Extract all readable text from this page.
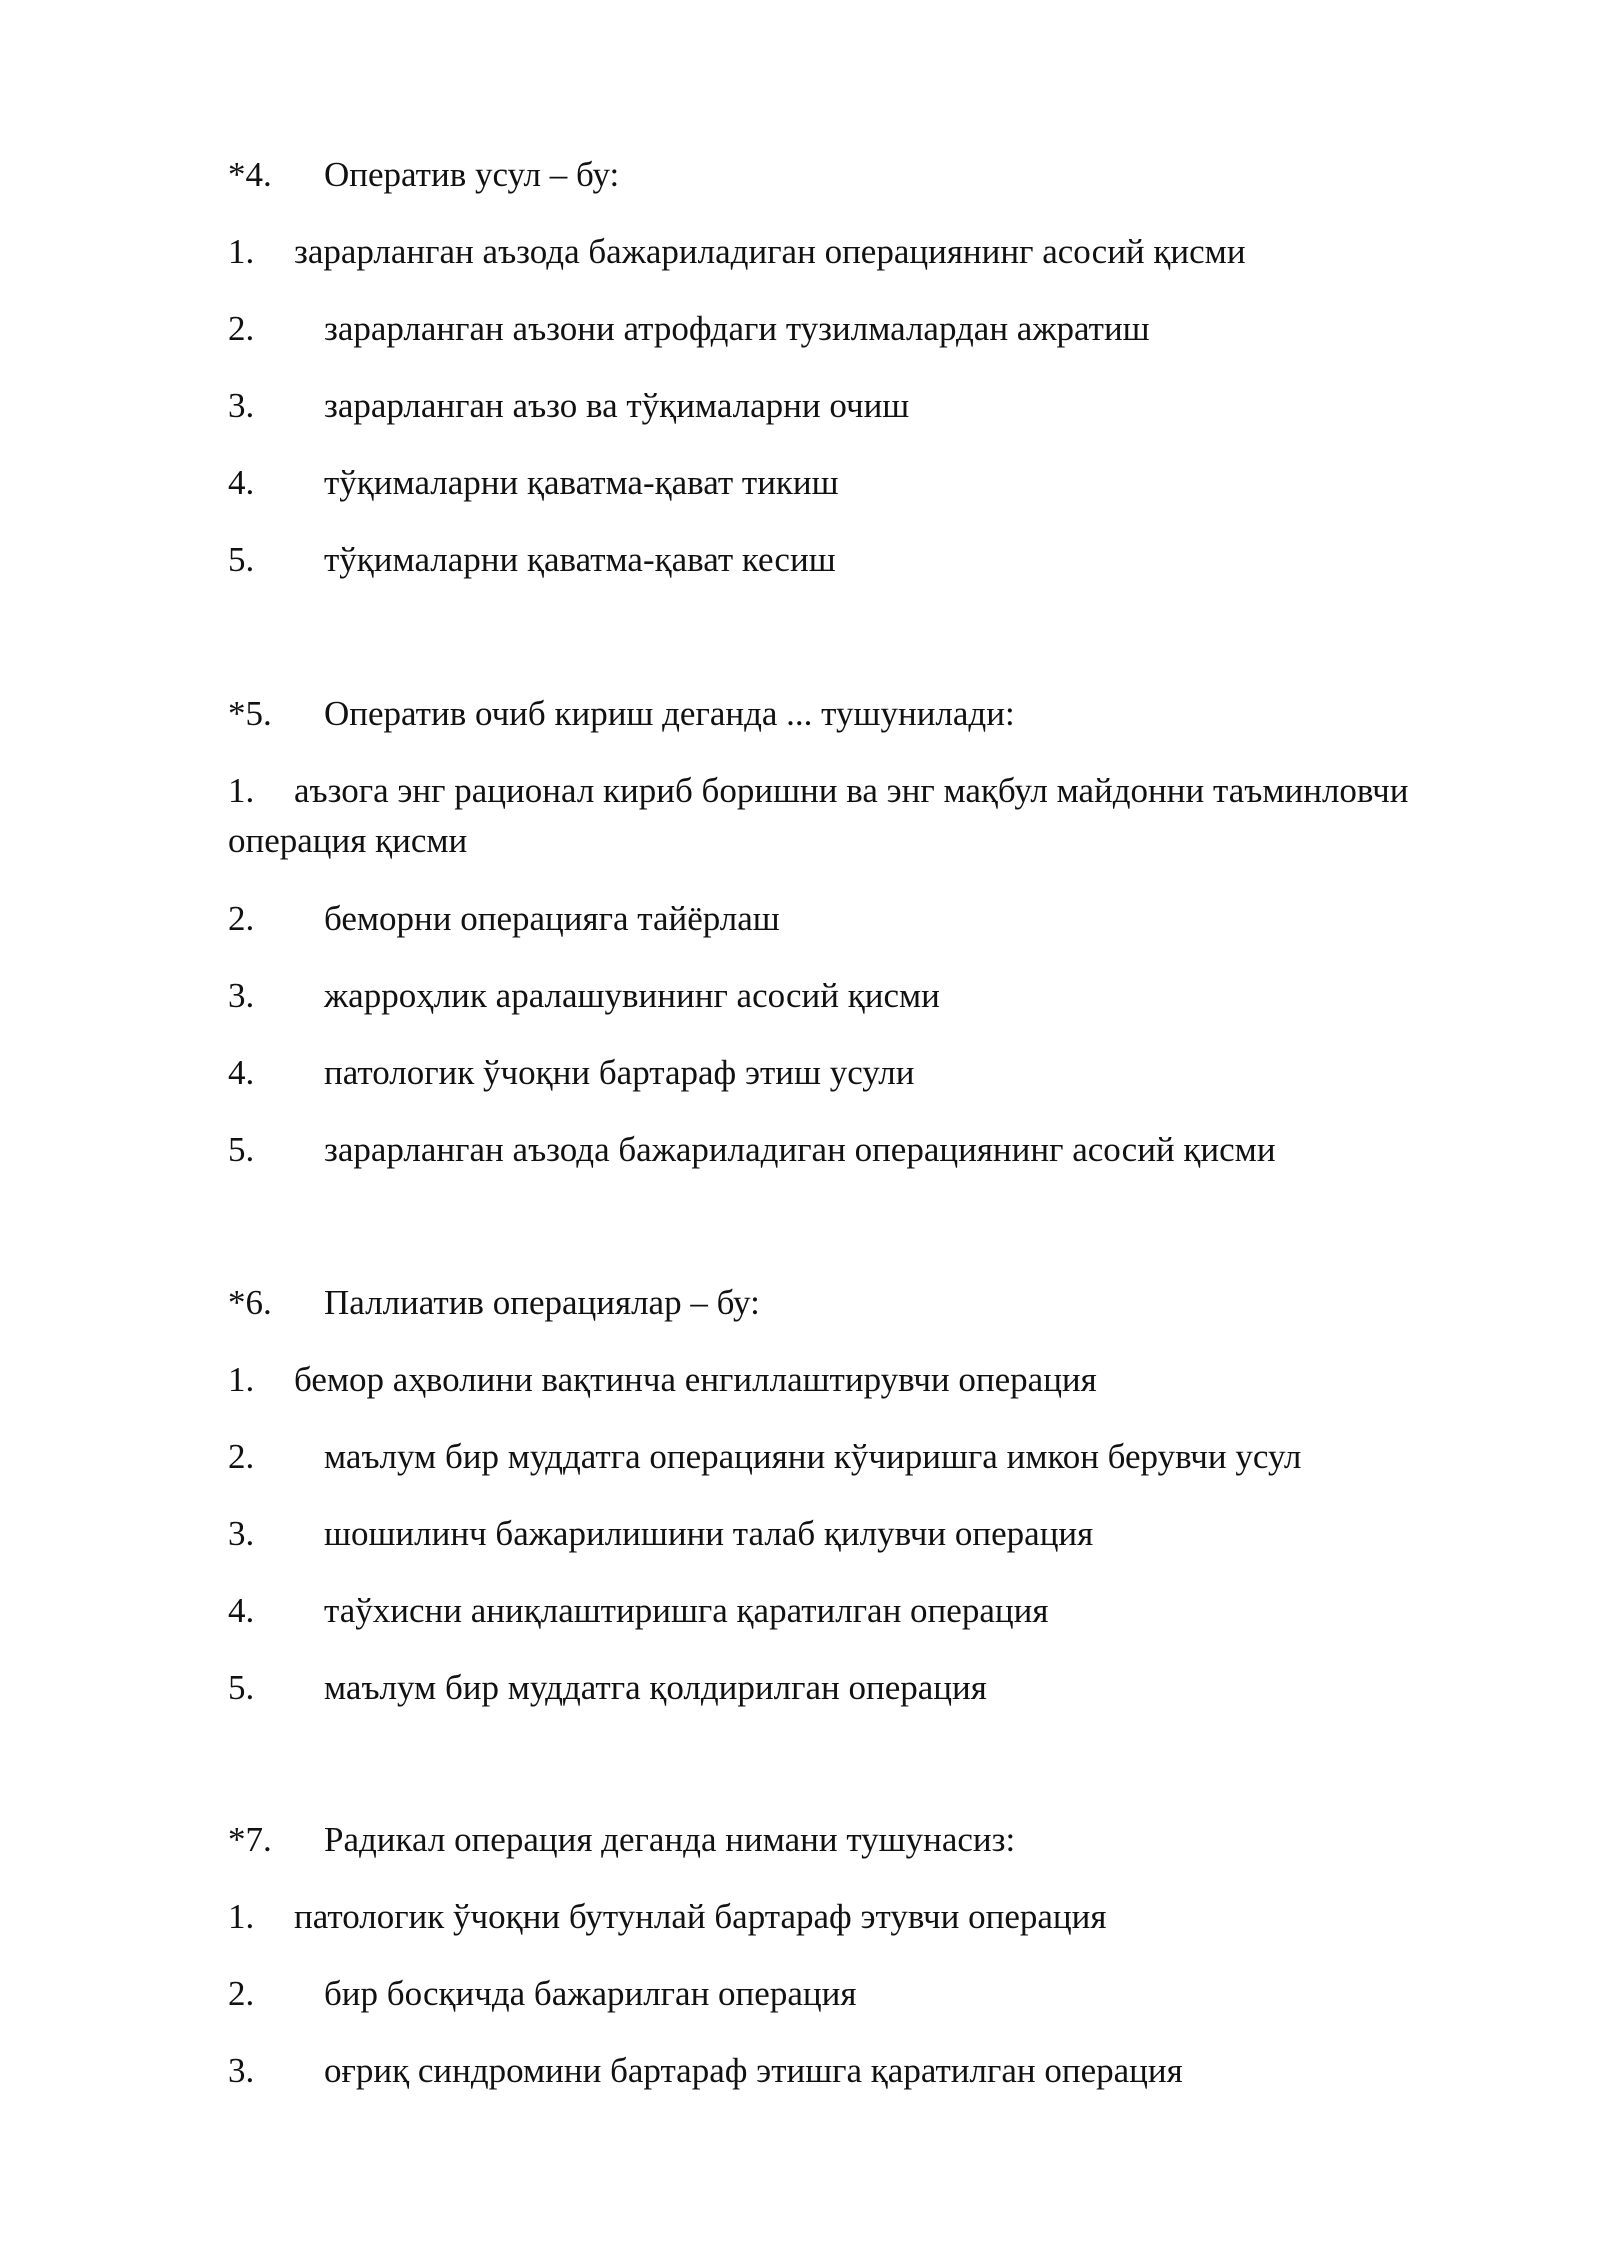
*4.	Оператив усул – бу:
1.	зарарланган аъзода бажариладиган операциянинг асосий қисми
2.	зарарланган аъзони атрофдаги тузилмалардан ажратиш
3.	зарарланган аъзо ва тўқималарни очиш
4.	тўқималарни қаватма-қават тикиш
5.	тўқималарни қаватма-қават кесиш
*5.	Оператив очиб кириш деганда ... тушунилади:
1. аъзога энг рационал кириб боришни ва энг мақбул майдонни таъминловчи операция қисми
2.	беморни операцияга тайёрлаш
3.	жарроҳлик аралашувининг асосий қисми
4.	патологик ўчоқни бартараф этиш усули
5.	зарарланган аъзода бажариладиган операциянинг асосий қисми
*6.	Паллиатив операциялар – бу:
1.	бемор аҳволини вақтинча енгиллаштирувчи операция
2.	маълум бир муддатга операцияни кўчиришга имкон берувчи усул
3.	шошилинч бажарилишини талаб қилувчи операция
4.	таўхисни аниқлаштиришга қаратилган операция
5.	маълум бир муддатга қолдирилган операция
*7.	Радикал операция деганда нимани тушунасиз:
1.	патологик ўчоқни бутунлай бартараф этувчи операция
2.	бир босқичда бажарилган операция
3.	оғриқ синдромини бартараф этишга қаратилган операция
